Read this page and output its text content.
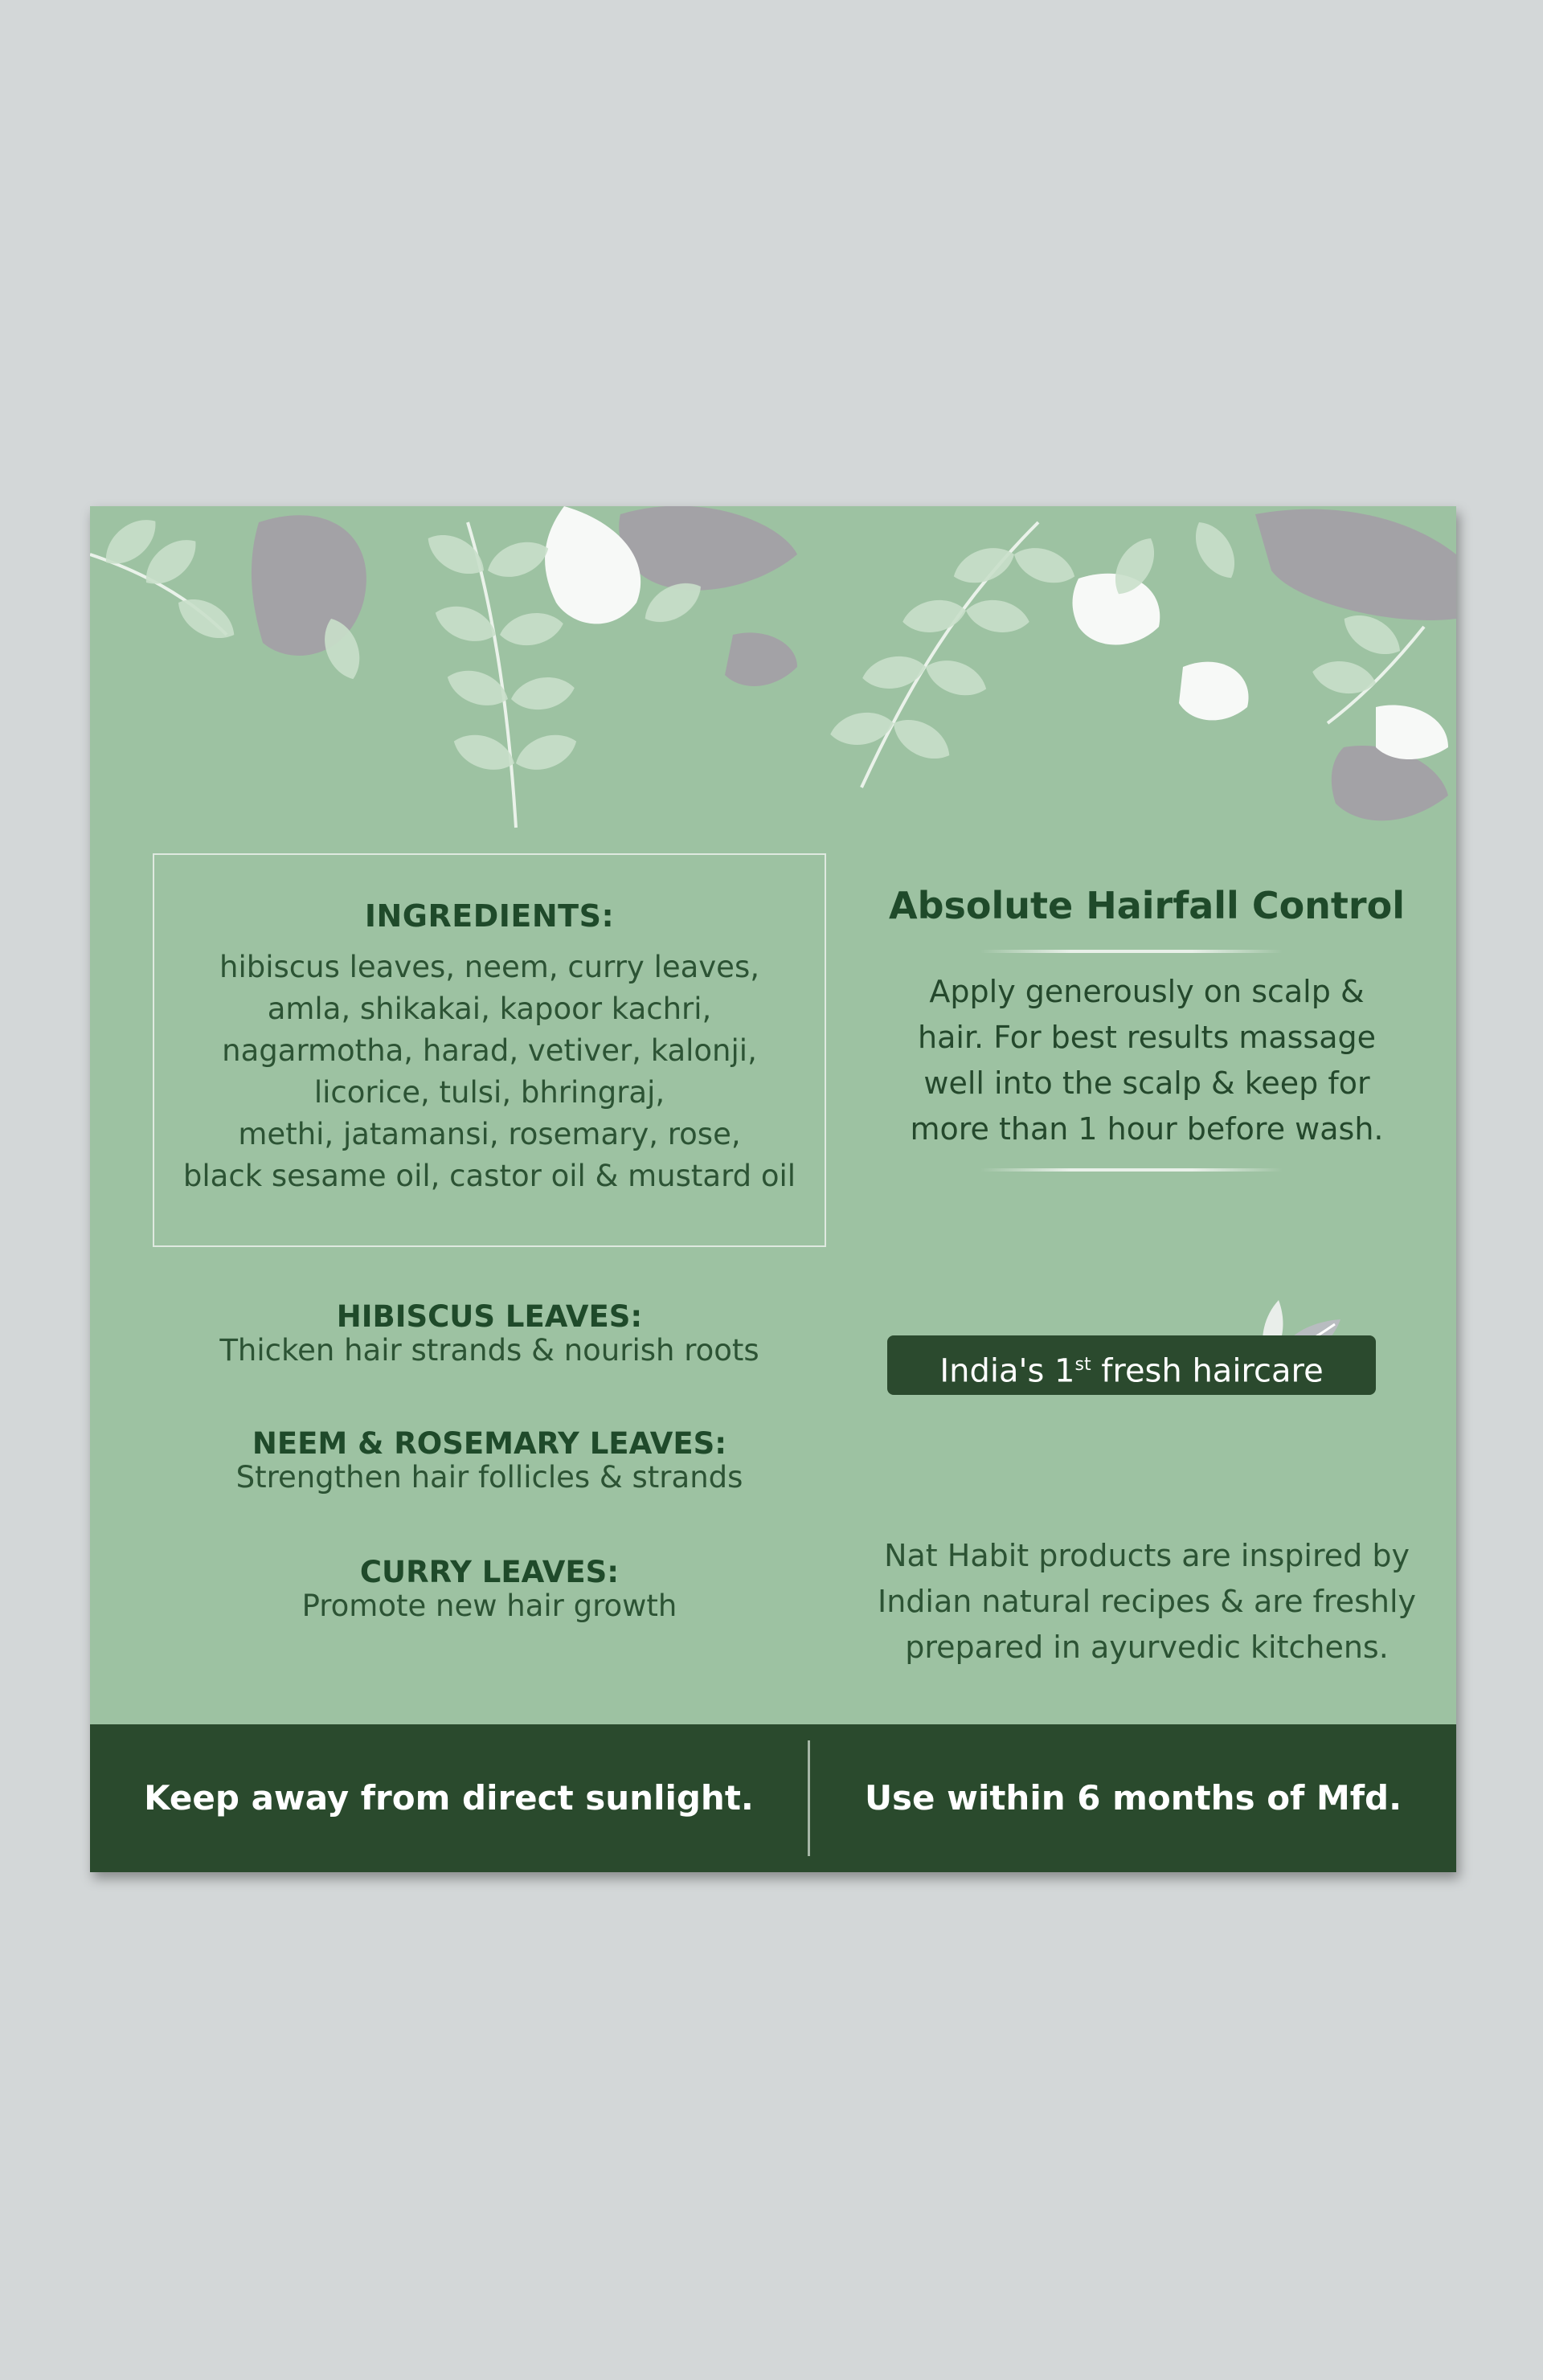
INGREDIENTS:
hibiscus leaves, neem, curry leaves,
amla, shikakai, kapoor kachri,
nagarmotha, harad, vetiver, kalonji,
licorice, tulsi, bhringraj,
methi, jatamansi, rosemary, rose,
black sesame oil, castor oil & mustard oil
HIBISCUS LEAVES:
Thicken hair strands & nourish roots
NEEM & ROSEMARY LEAVES:
Strengthen hair follicles & strands
CURRY LEAVES:
Promote new hair growth
Absolute Hairfall Control
Apply generously on scalp &
hair. For best results massage
well into the scalp & keep for
more than 1 hour before wash.
India's 1st fresh haircare
Nat Habit products are inspired by
Indian natural recipes & are freshly
prepared in ayurvedic kitchens.
Keep away from direct sunlight.	Use within 6 months of Mfd.
